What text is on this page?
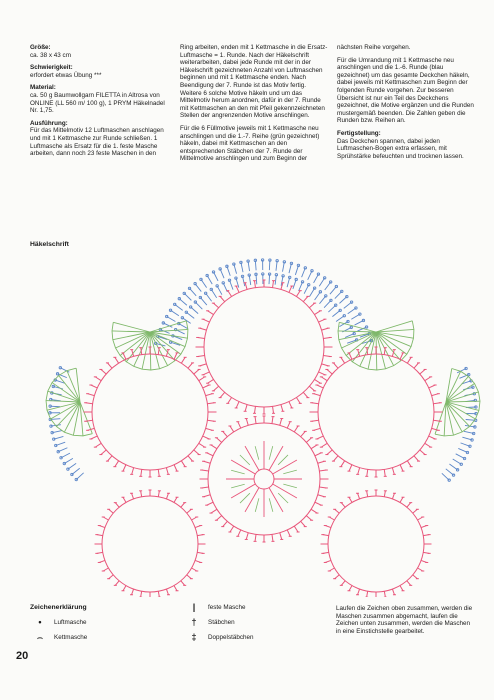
Größe:

ca. 38 x 43 cm

Schwierigkeit:

erfordert etwas Übung ***

Material:

ca. 50 g Baumwollgarn FILETTA in Altrosa von ONLINE (LL 560 m/ 100 g), 1 PRYM Häkelnadel Nr. 1,75.

Ausführung:

Für das Mittelmotiv 12 Luftmaschen anschlagen und mit 1 Kettmasche zur Runde schließen. 1 Luftmasche als Ersatz für die 1. feste Masche arbeiten, dann noch 23 feste Maschen in den

Ring arbeiten, enden mit 1 Kettmasche in die Ersatz-Luftmasche = 1. Runde. Nach der Häkelschrift weiterarbeiten, dabei jede Runde mit der in der Häkelschrift gezeichneten Anzahl von Luftmaschen beginnen und mit 1 Kettmasche enden. Nach Beendigung der 7. Runde ist das Motiv fertig. Weitere 6 solche Motive häkeln und um das Mittelmotiv herum anordnen, dafür in der 7. Runde mit Kettmaschen an den mit Pfeil gekennzeichneten Stellen der angrenzenden Motive anschlingen.

Für die 6 Füllmotive jeweils mit 1 Kettmasche neu anschlingen und die 1.-7. Reihe (grün gezeichnet) häkeln, dabei mit Kettmaschen an den entsprechenden Stäbchen der 7. Runde der Mittelmotive anschlingen und zum Beginn der

nächsten Reihe vorgehen.

Für die Umrandung mit 1 Kettmasche neu anschlingen und die 1.-6. Runde (blau gezeichnet) um das gesamte Deckchen häkeln, dabei jeweils mit Kettmaschen zum Beginn der folgenden Runde vorgehen. Zur besseren Übersicht ist nur ein Teil des Deckchens gezeichnet, die Motive ergänzen und die Runden mustergemäß beenden. Die Zahlen geben die Runden bzw. Reihen an.

Fertigstellung:

Das Deckchen spannen, dabei jeden Luftmaschen-Bogen extra erfassen, mit Sprühstärke befeuchten und trocknen lassen.

Häkelschrift

Zeichenerklärung

•	Luftmasche
⌢	Kettmasche
|	feste Masche
†	Stäbchen
‡	Doppelstäbchen
Laufen die Zeichen oben zusammen, werden die Maschen zusammen abgemacht, laufen die Zeichen unten zusammen, werden die Maschen in eine Einstichstelle gearbeitet.
20
